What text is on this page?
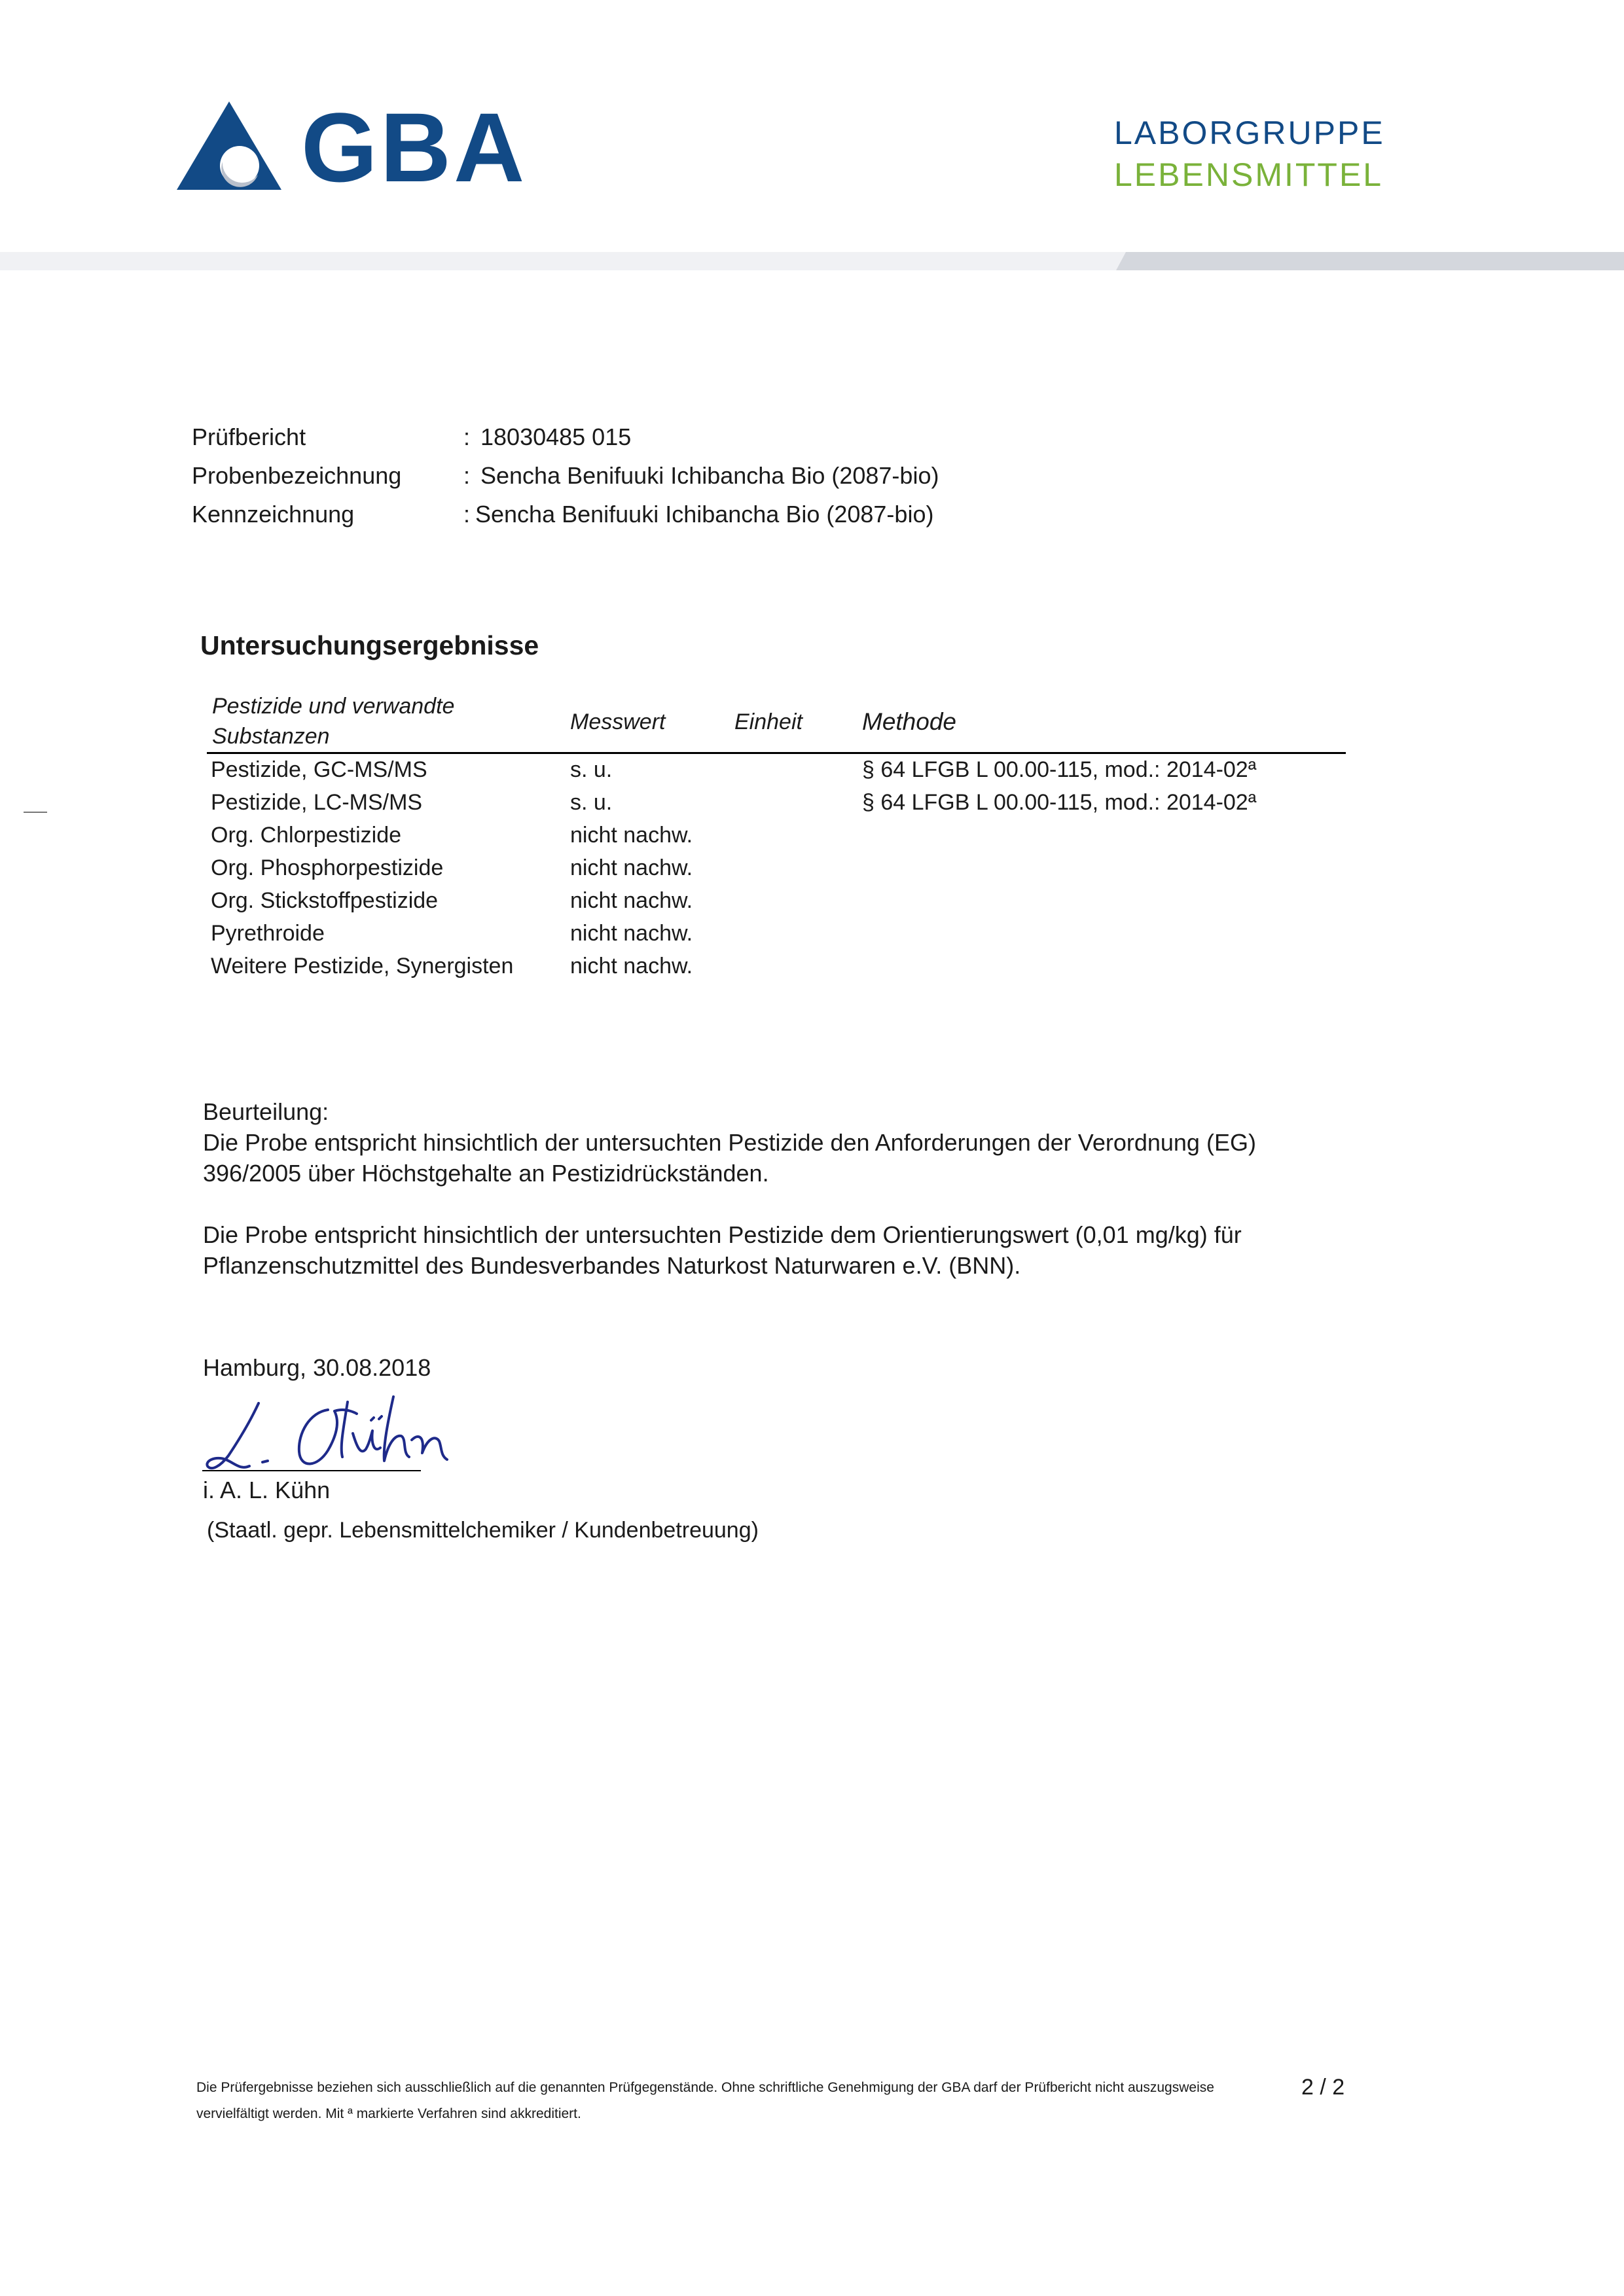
GBA	LABORGRUPPE
LEBENSMITTEL
Prüfbericht	: 18030485 015
Probenbezeichnung	: Sencha Benifuuki Ichibancha Bio (2087-bio)
Kennzeichnung	: Sencha Benifuuki Ichibancha Bio (2087-bio)
Untersuchungsergebnisse
Pestizide und verwandte
Substanzen
Messwert	Einheit Methode
Pestizide, GC-MS/MS	s. u.	§ 64 LFGB L 00.00-115, mod.: 2014-02ª
Pestizide, LC-MS/MS	s. u.	§ 64 LFGB L 00.00-115, mod.: 2014-02ª
Org. Chlorpestizide	nicht nachw.
Org. Phosphorpestizide	nicht nachw.
Org. Stickstoffpestizide	nicht nachw.
Pyrethroide	nicht nachw.
Weitere Pestizide, Synergisten	nicht nachw.
Beurteilung:
Die Probe entspricht hinsichtlich der untersuchten Pestizide den Anforderungen der Verordnung (EG)
396/2005 über Höchstgehalte an Pestizidrückständen.
Die Probe entspricht hinsichtlich der untersuchten Pestizide dem Orientierungswert (0,01 mg/kg) für
Pflanzenschutzmittel des Bundesverbandes Naturkost Naturwaren e.V. (BNN).
Hamburg, 30.08.2018
i. A. L. Kühn
(Staatl. gepr. Lebensmittelchemiker / Kundenbetreuung)
Die Prüfergebnisse beziehen sich ausschließlich auf die genannten Prüfgegenstände. Ohne schriftliche Genehmigung der GBA darf der Prüfbericht nicht auszugsweise vervielfältigt werden. Mit ª markierte Verfahren sind akkreditiert.
2 / 2
